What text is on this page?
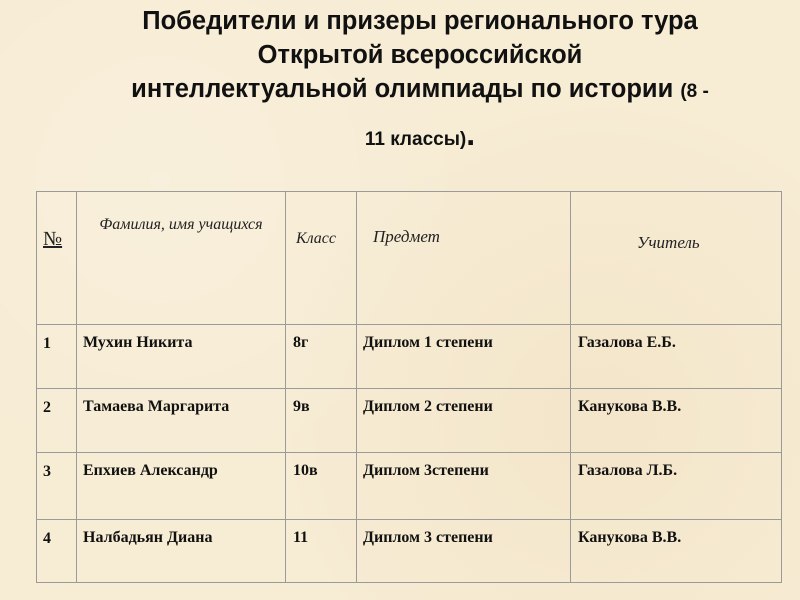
Победители и призеры регионального тура
Открытой всероссийской
интеллектуальной олимпиады по истории (8 -
11 классы).
№	Фамилия, имя учащихся	Класс	Предмет	Учитель
1	Мухин Никита	8г	Диплом 1 степени	Газалова Е.Б.
2	Тамаева Маргарита	9в	Диплом 2 степени	Канукова В.В.
3	Епхиев Александр	10в	Диплом 3степени	Газалова Л.Б.
4	Налбадьян Диана	11	Диплом 3 степени	Канукова В.В.
